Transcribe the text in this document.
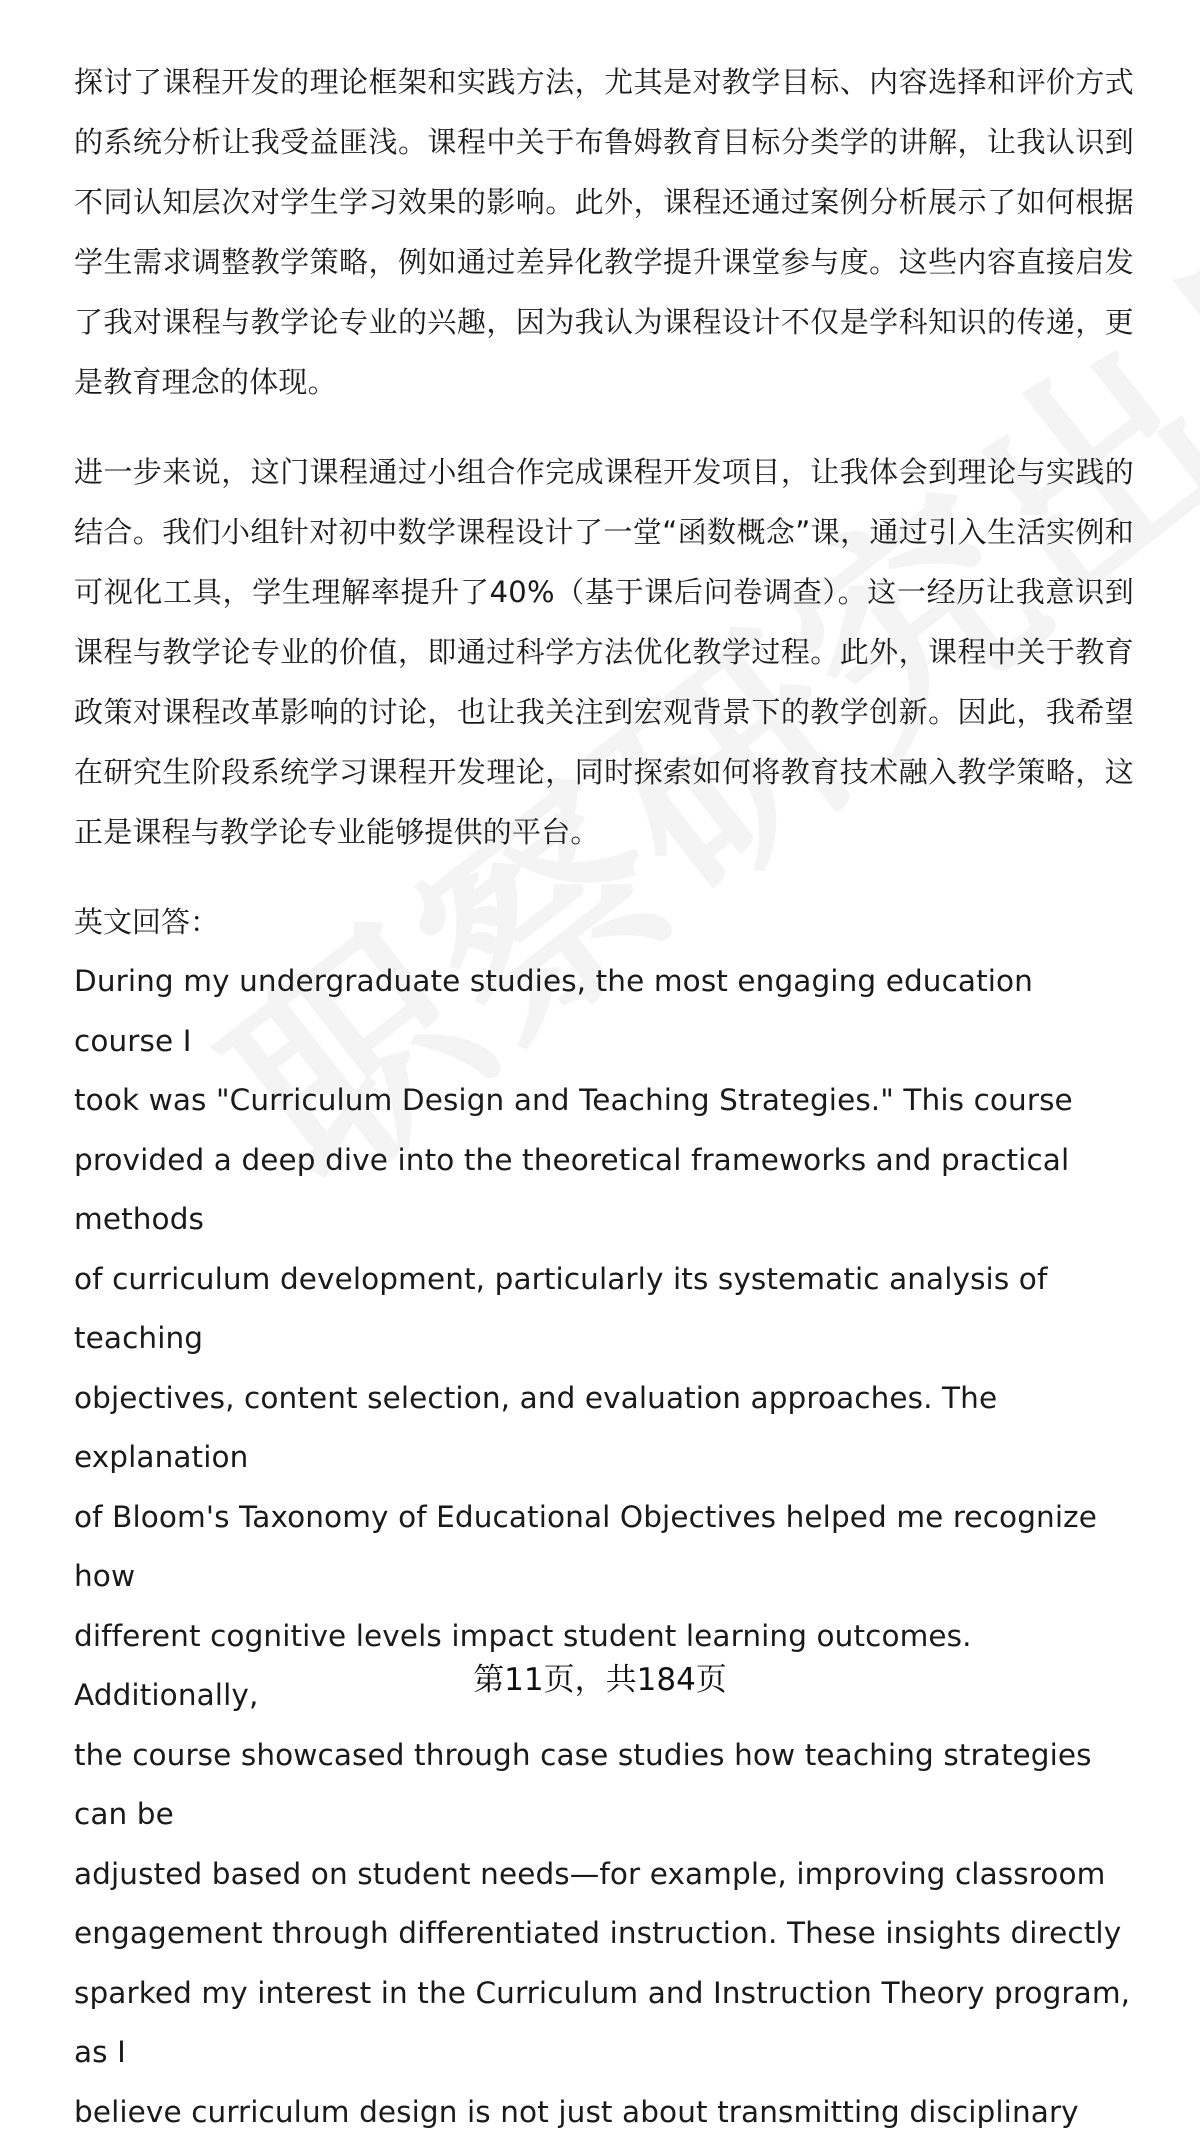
探讨了课程开发的理论框架和实践方法，尤其是对教学目标、内容选择和评价方式的系统分析让我受益匪浅。课程中关于布鲁姆教育目标分类学的讲解，让我认识到不同认知层次对学生学习效果的影响。此外，课程还通过案例分析展示了如何根据学生需求调整教学策略，例如通过差异化教学提升课堂参与度。这些内容直接启发了我对课程与教学论专业的兴趣，因为我认为课程设计不仅是学科知识的传递，更是教育理念的体现。

进一步来说，这门课程通过小组合作完成课程开发项目，让我体会到理论与实践的结合。我们小组针对初中数学课程设计了一堂“函数概念”课，通过引入生活实例和可视化工具，学生理解率提升了40%（基于课后问卷调查）。这一经历让我意识到课程与教学论专业的价值，即通过科学方法优化教学过程。此外，课程中关于教育政策对课程改革影响的讨论，也让我关注到宏观背景下的教学创新。因此，我希望在研究生阶段系统学习课程开发理论，同时探索如何将教育技术融入教学策略，这正是课程与教学论专业能够提供的平台。

英文回答：

During my undergraduate studies, the most engaging education course I
took was "Curriculum Design and Teaching Strategies." This course
provided a deep dive into the theoretical frameworks and practical methods
of curriculum development, particularly its systematic analysis of teaching
objectives, content selection, and evaluation approaches. The explanation
of Bloom's Taxonomy of Educational Objectives helped me recognize how
different cognitive levels impact student learning outcomes. Additionally,
the course showcased through case studies how teaching strategies can be
adjusted based on student needs—for example, improving classroom
engagement through differentiated instruction. These insights directly
sparked my interest in the Curriculum and Instruction Theory program, as I
believe curriculum design is not just about transmitting disciplinary
第11页，共184页
